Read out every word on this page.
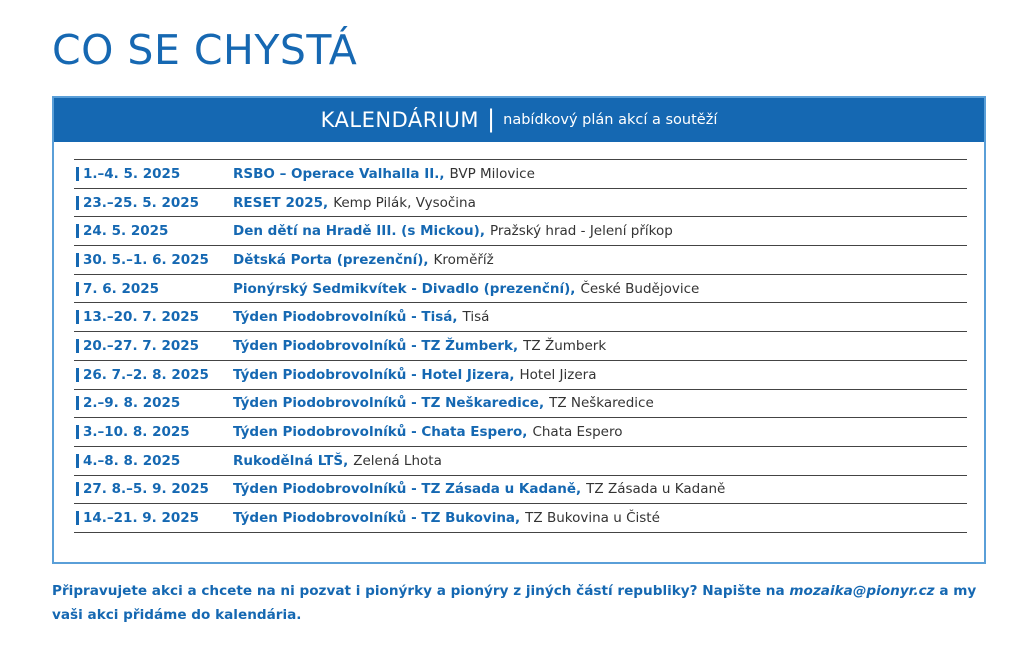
CO SE CHYSTÁ
KALENDÁRIUM | nabídkový plán akcí a soutěží
1.–4. 5. 2025	RSBO – Operace Valhalla II., BVP Milovice
23.–25. 5. 2025	RESET 2025, Kemp Pilák, Vysočina
24. 5. 2025	Den dětí na Hradě III. (s Mickou), Pražský hrad - Jelení příkop
30. 5.–1. 6. 2025	Dětská Porta (prezenční), Kroměříž
7. 6. 2025	Pionýrský Sedmikvítek - Divadlo (prezenční), České Budějovice
13.–20. 7. 2025	Týden Piodobrovolníků - Tisá, Tisá
20.–27. 7. 2025	Týden Piodobrovolníků - TZ Žumberk, TZ Žumberk
26. 7.–2. 8. 2025	Týden Piodobrovolníků - Hotel Jizera, Hotel Jizera
2.–9. 8. 2025	Týden Piodobrovolníků - TZ Neškaredice, TZ Neškaredice
3.–10. 8. 2025	Týden Piodobrovolníků - Chata Espero, Chata Espero
4.–8. 8. 2025	Rukodělná LTŠ, Zelená Lhota
27. 8.–5. 9. 2025	Týden Piodobrovolníků - TZ Zásada u Kadaně, TZ Zásada u Kadaně
14.–21. 9. 2025	Týden Piodobrovolníků - TZ Bukovina, TZ Bukovina u Čisté
Připravujete akci a chcete na ni pozvat i pionýrky a pionýry z jiných částí republiky? Napište na mozaika@pionyr.cz a my vaši akci přidáme do kalendária.
